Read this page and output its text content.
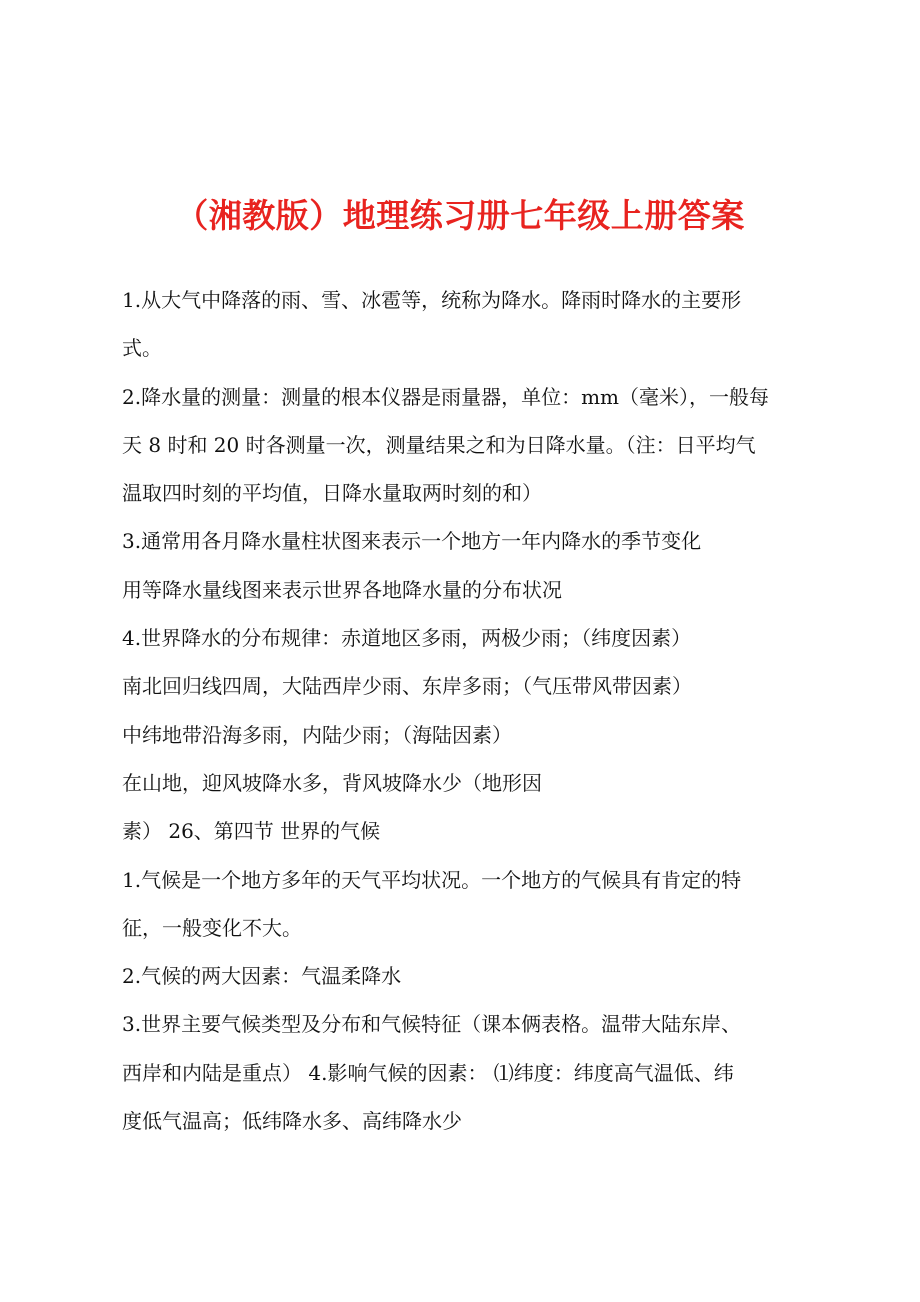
（湘教版）地理练习册七年级上册答案
1.从大气中降落的雨、雪、冰雹等，统称为降水。降雨时降水的主要形
式。
2.降水量的测量：测量的根本仪器是雨量器，单位：mm（毫米），一般每
天 8 时和 20 时各测量一次，测量结果之和为日降水量。（注：日平均气
温取四时刻的平均值，日降水量取两时刻的和）
3.通常用各月降水量柱状图来表示一个地方一年内降水的季节变化
用等降水量线图来表示世界各地降水量的分布状况
4.世界降水的分布规律：赤道地区多雨，两极少雨；（纬度因素）
南北回归线四周，大陆西岸少雨、东岸多雨；（气压带风带因素）
中纬地带沿海多雨，内陆少雨；（海陆因素）
在山地，迎风坡降水多，背风坡降水少（地形因
素） 26、第四节 世界的气候
1.气候是一个地方多年的天气平均状况。一个地方的气候具有肯定的特
征，一般变化不大。
2.气候的两大因素：气温柔降水
3.世界主要气候类型及分布和气候特征（课本俩表格。温带大陆东岸、
西岸和内陆是重点） 4.影响气候的因素： ⑴纬度：纬度高气温低、纬
度低气温高；低纬降水多、高纬降水少
